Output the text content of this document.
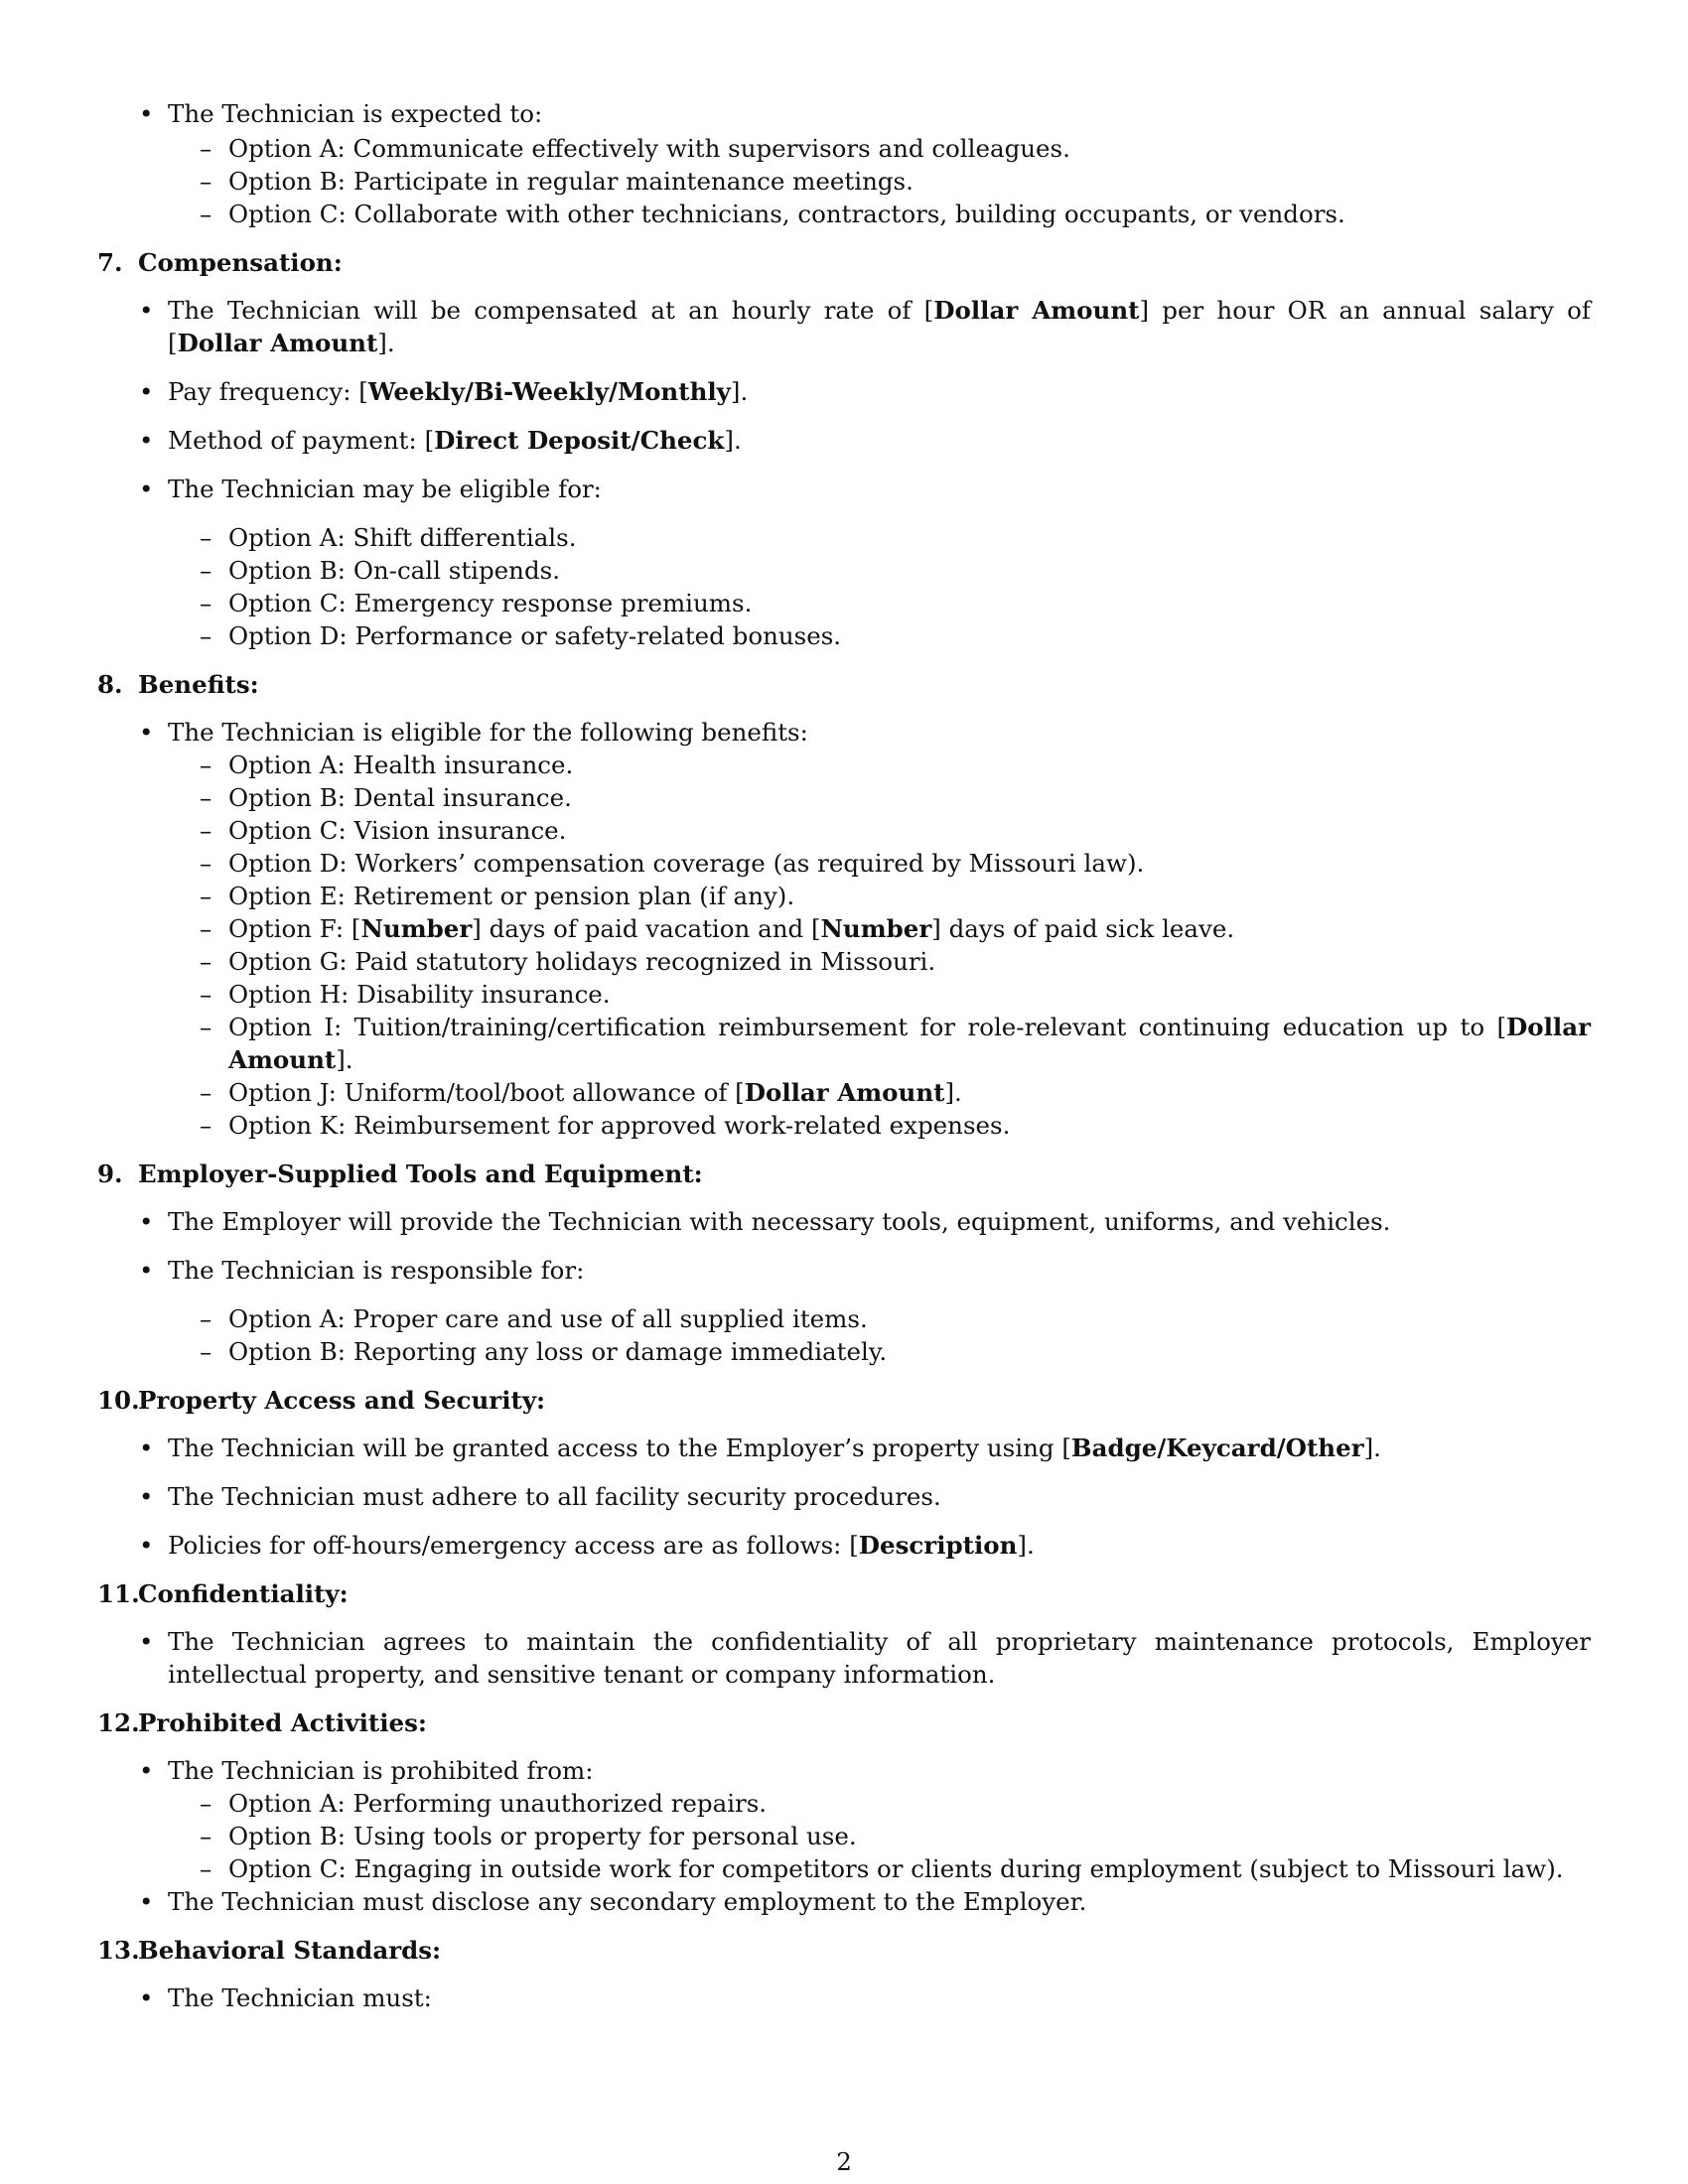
• The Technician is expected to:
– Option A: Communicate effectively with supervisors and colleagues.
– Option B: Participate in regular maintenance meetings.
– Option C: Collaborate with other technicians, contractors, building occupants, or vendors.
7. Compensation:
• The Technician will be compensated at an hourly rate of [Dollar Amount] per hour OR an annual salary of [Dollar Amount].
• Pay frequency: [Weekly/Bi-Weekly/Monthly].
• Method of payment: [Direct Deposit/Check].
• The Technician may be eligible for:
– Option A: Shift differentials.
– Option B: On-call stipends.
– Option C: Emergency response premiums.
– Option D: Performance or safety-related bonuses.
8. Benefits:
• The Technician is eligible for the following benefits:
– Option A: Health insurance.
– Option B: Dental insurance.
– Option C: Vision insurance.
– Option D: Workers’ compensation coverage (as required by Missouri law).
– Option E: Retirement or pension plan (if any).
– Option F: [Number] days of paid vacation and [Number] days of paid sick leave.
– Option G: Paid statutory holidays recognized in Missouri.
– Option H: Disability insurance.
– Option I: Tuition/training/certification reimbursement for role-relevant continuing education up to [Dollar Amount].
– Option J: Uniform/tool/boot allowance of [Dollar Amount].
– Option K: Reimbursement for approved work-related expenses.
9. Employer-Supplied Tools and Equipment:
• The Employer will provide the Technician with necessary tools, equipment, uniforms, and vehicles.
• The Technician is responsible for:
– Option A: Proper care and use of all supplied items.
– Option B: Reporting any loss or damage immediately.
10.
Property Access and Security:
• The Technician will be granted access to the Employer’s property using [Badge/Keycard/Other].
• The Technician must adhere to all facility security procedures.
• Policies for off-hours/emergency access are as follows: [Description].
11.
Confidentiality:
• The Technician agrees to maintain the confidentiality of all proprietary maintenance protocols, Employer intellectual property, and sensitive tenant or company information.
12.
Prohibited Activities:
• The Technician is prohibited from:
– Option A: Performing unauthorized repairs.
– Option B: Using tools or property for personal use.
– Option C: Engaging in outside work for competitors or clients during employment (subject to Missouri law).
• The Technician must disclose any secondary employment to the Employer.
13.
Behavioral Standards:
• The Technician must:
2
